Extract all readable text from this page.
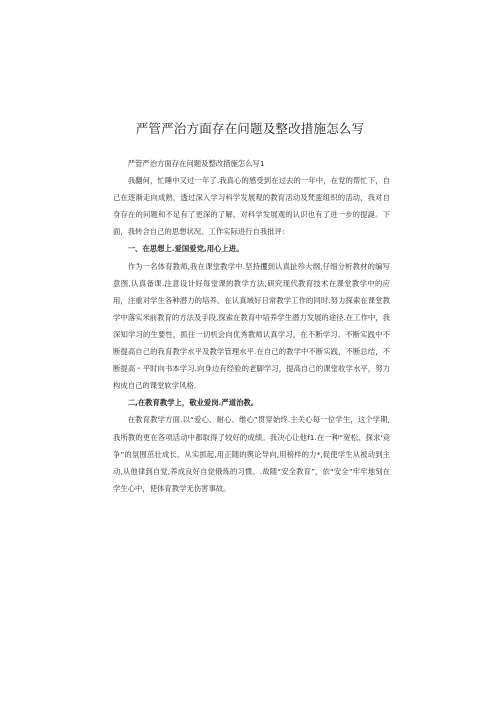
严管严治方面存在问题及整改措施怎么写

严管严治方面存在问题及整改措施怎么写1

我翻何，忙睡中又过一年了.我真心的感受到在过去的一年中，在党的帮忙下，自己在逐渐走向成熟，透过深入学习科学发展观的教育活动及梵蛮组织的活动，我对自身存在的问题和不足有了更深的了解，对科学发展观的认识也有了进一步的提誕。下面，我转合自己的思想状况、工作实际进行自我批评：

一、在思想上.爱国爱党,用心上进。

作为一名体育教师,我在课堂教学中.坚持攫到认真扯殄大纲,仔细分析教材的编写意图,认真备课.注意设计好每堂课的教学方法,研究现代教育技术在课堂教学中的应用，注重对学生各种潜力的培养。在认真域好日常教学工作的同时.努力探索在课堂教学中落实米前教育的方法及手段,探索在教育中培养学生潜力发展的途径.在工作中，我深知学习的生要性，抓住一切机会向优秀教师认真学习，在不断学习、不断实践中不断提高自己的我育教学水平及教学管理水平.在自己的教学中不断实践，不断总结，不断提高・平时向书本学习.向身边有经验的老脚学习，提高自己的课堂收学水平，努力构成自己的课堂软学风格.

二,在教育教学上，敬业爱岗.严道治教。

在教育教学方面.以“爱心、耐心、维心”贯穿始终.主关心每一位学生，这个学期,我所教的更在各项活动中都取得了较好的成绩。我决心让他f1.在一种“宽松、探求'竞争”的氛围茁壮成长。从实抓起,用正随的舆论导向,用榜样的力*,促使学生从被动到主动,从他律到自觉,养成良好自觉俄炼的习惯。.故随“安全教育”，依“安全”牢牢地刻在学生心中，使体育教学无伤害事故。
